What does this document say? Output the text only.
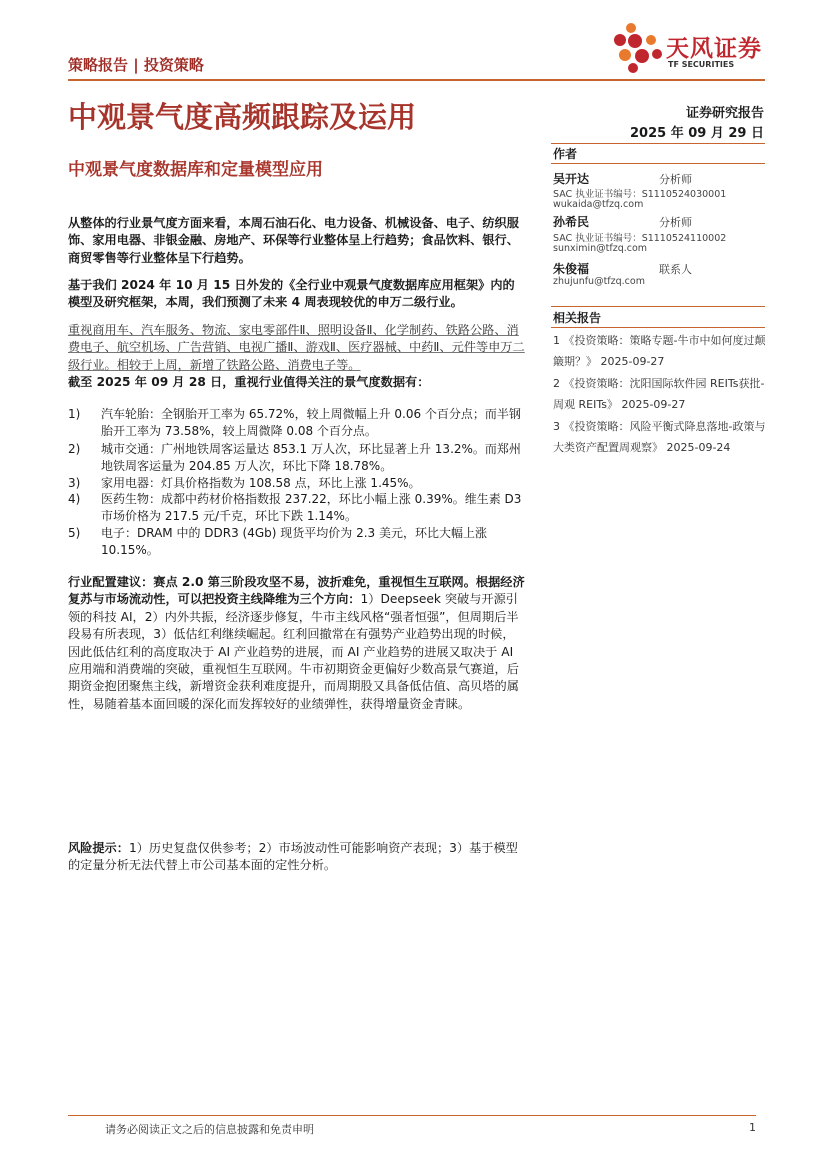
策略报告 | 投资策略
天风证券
TF SECURITIES
中观景气度高频跟踪及运用	证券研究报告
2025 年 09 月 29 日
中观景气度数据库和定量模型应用
作者
吴开达	分析师
SAC 执业证书编号：S1110524030001
wukaida@tfzq.com
孙希民	分析师
SAC 执业证书编号：S1110524110002
sunximin@tfzq.com
朱俊福	联系人
zhujunfu@tfzq.com
相关报告
1 《投资策略：策略专题-牛市中如何度过颠簸期？》 2025-09-27
2 《投资策略：沈阳国际软件园 REITs获批-周观 REITs》 2025-09-27
3 《投资策略：风险平衡式降息落地-政策与大类资产配置周观察》 2025-09-24
从整体的行业景气度方面来看，本周石油石化、电力设备、机械设备、电子、纺织服饰、家用电器、非银金融、房地产、环保等行业整体呈上行趋势；食品饮料、银行、商贸零售等行业整体呈下行趋势。
基于我们 2024 年 10 月 15 日外发的《全行业中观景气度数据库应用框架》内的模型及研究框架，本周，我们预测了未来 4 周表现较优的申万二级行业。
重视商用车、汽车服务、物流、家电零部件Ⅱ、照明设备Ⅱ、化学制药、铁路公路、消费电子、航空机场、广告营销、电视广播Ⅱ、游戏Ⅱ、医疗器械、中药Ⅱ、元件等申万二级行业。相较于上周，新增了铁路公路、消费电子等。
截至 2025 年 09 月 28 日，重视行业值得关注的景气度数据有：
1) 汽车轮胎：全钢胎开工率为 65.72%，较上周微幅上升 0.06 个百分点；而半钢胎开工率为 73.58%，较上周微降 0.08 个百分点。
2) 城市交通：广州地铁周客运量达 853.1 万人次，环比显著上升 13.2%。而郑州地铁周客运量为 204.85 万人次，环比下降 18.78%。
3) 家用电器：灯具价格指数为 108.58 点，环比上涨 1.45%。
4) 医药生物：成都中药材价格指数报 237.22，环比小幅上涨 0.39%。维生素 D3 市场价格为 217.5 元/千克，环比下跌 1.14%。
5) 电子：DRAM 中的 DDR3 (4Gb) 现货平均价为 2.3 美元，环比大幅上涨 10.15%。
行业配置建议：赛点 2.0 第三阶段攻坚不易，波折难免，重视恒生互联网。根据经济复苏与市场流动性，可以把投资主线降维为三个方向：1）Deepseek 突破与开源引领的科技 AI，2）内外共振，经济逐步修复，牛市主线风格“强者恒强”，但周期后半段易有所表现，3）低估红利继续崛起。红利回撤常在有强势产业趋势出现的时候，因此低估红利的高度取决于 AI 产业趋势的进展，而 AI 产业趋势的进展又取决于 AI 应用端和消费端的突破，重视恒生互联网。牛市初期资金更偏好少数高景气赛道，后期资金抱团聚焦主线，新增资金获利难度提升，而周期股又具备低估值、高贝塔的属性，易随着基本面回暖的深化而发挥较好的业绩弹性，获得增量资金青睐。
风险提示：1）历史复盘仅供参考；2）市场波动性可能影响资产表现；3）基于模型的定量分析无法代替上市公司基本面的定性分析。
请务必阅读正文之后的信息披露和免责申明	1
